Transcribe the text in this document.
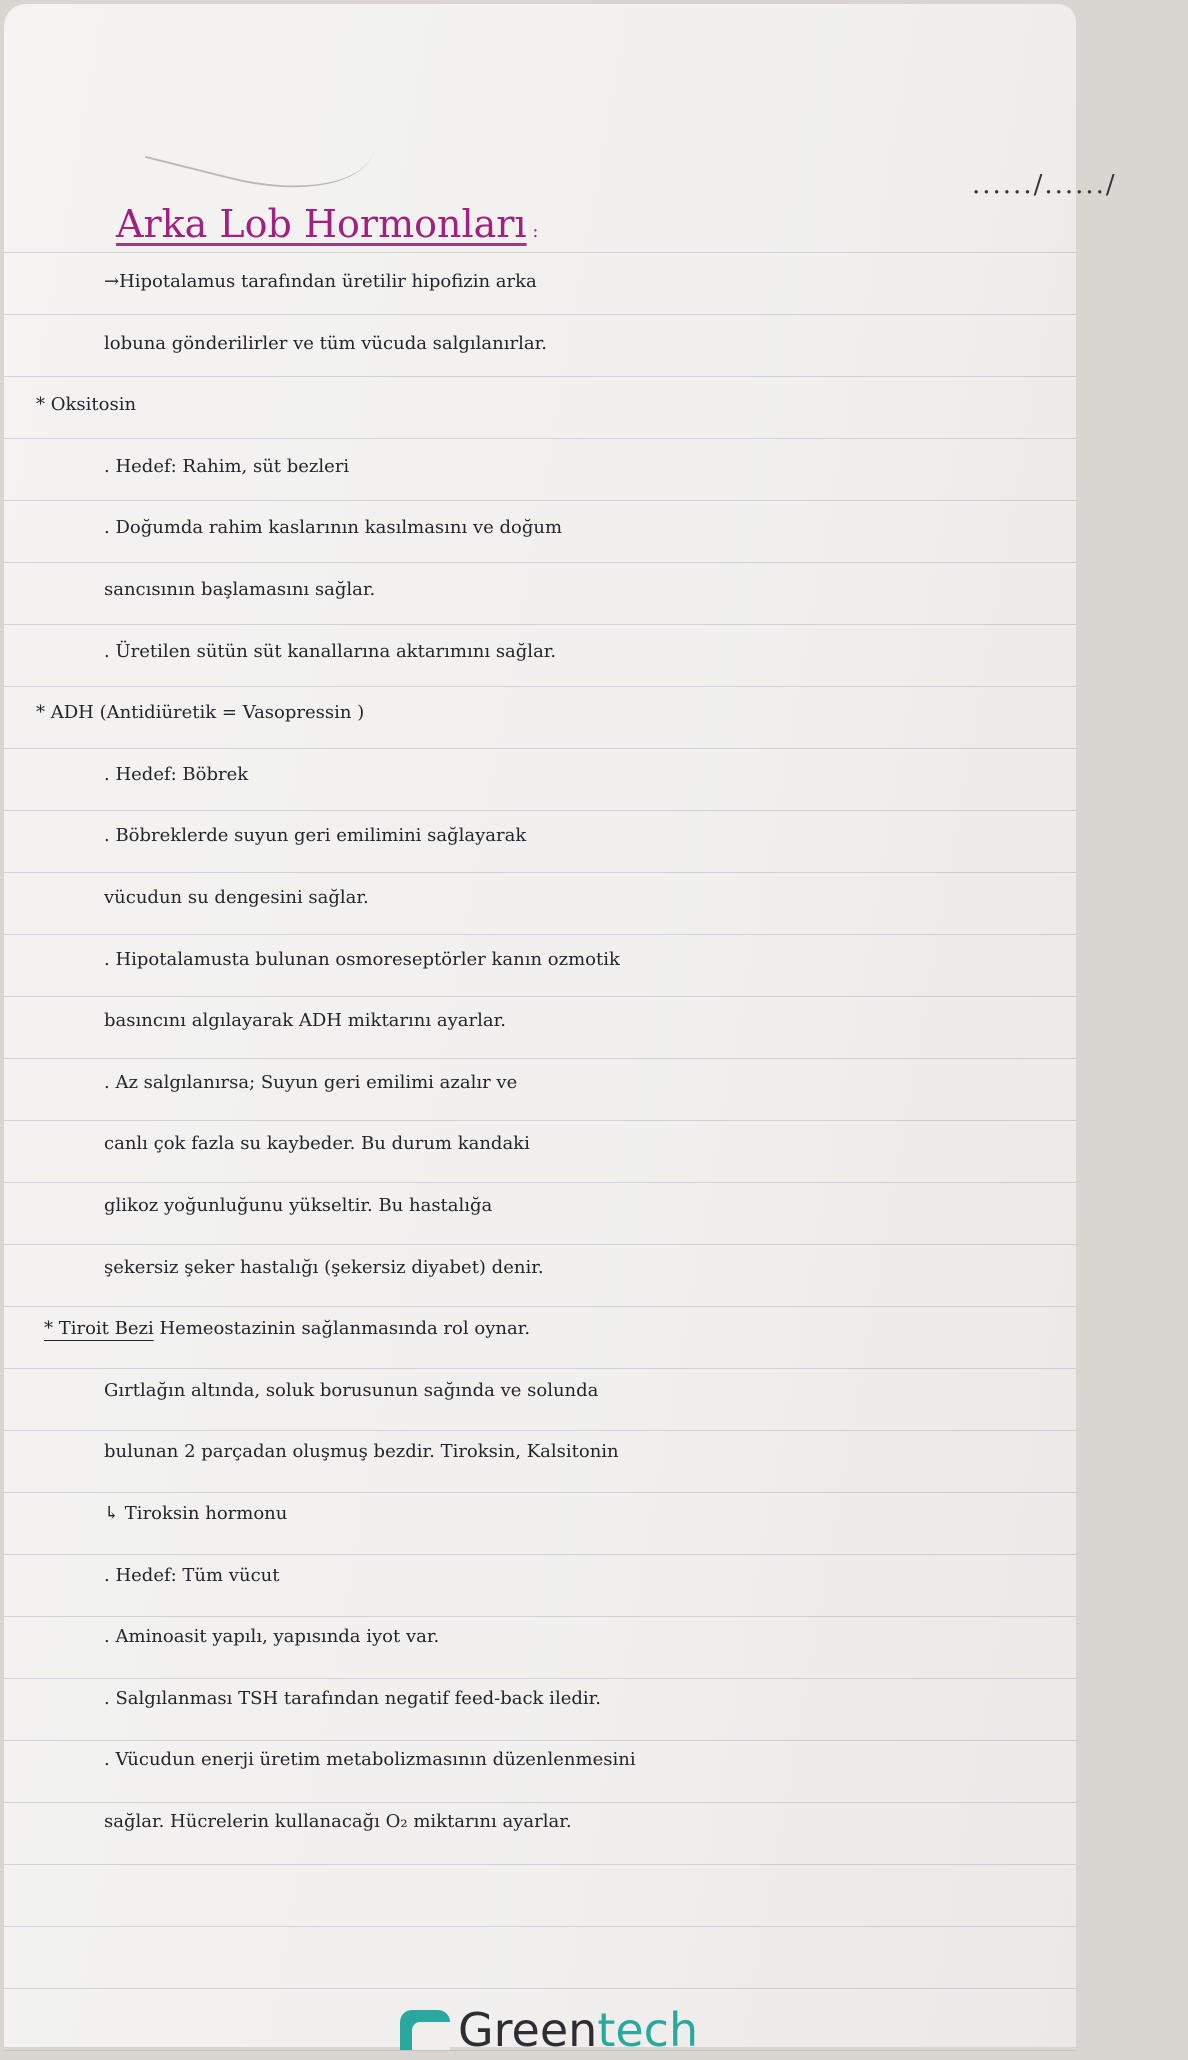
....../....../
Arka Lob Hormonları :
→Hipotalamus tarafından üretilir hipofizin arka
lobuna gönderilirler ve tüm vücuda salgılanırlar.
* Oksitosin
. Hedef: Rahim, süt bezleri
. Doğumda rahim kaslarının kasılmasını ve doğum
sancısının başlamasını sağlar.
. Üretilen sütün süt kanallarına aktarımını sağlar.
* ADH (Antidiüretik = Vasopressin )
. Hedef: Böbrek
. Böbreklerde suyun geri emilimini sağlayarak
vücudun su dengesini sağlar.
. Hipotalamusta bulunan osmoreseptörler kanın ozmotik
basıncını algılayarak ADH miktarını ayarlar.
. Az salgılanırsa; Suyun geri emilimi azalır ve
canlı çok fazla su kaybeder. Bu durum kandaki
glikoz yoğunluğunu yükseltir. Bu hastalığa
şekersiz şeker hastalığı (şekersiz diyabet) denir.
* Tiroit Bezi Hemeostazinin sağlanmasında rol oynar.
Gırtlağın altında, soluk borusunun sağında ve solunda
bulunan 2 parçadan oluşmuş bezdir. Tiroksin, Kalsitonin
↳ Tiroksin hormonu
. Hedef: Tüm vücut
. Aminoasit yapılı, yapısında iyot var.
. Salgılanması TSH tarafından negatif feed-back iledir.
. Vücudun enerji üretim metabolizmasının düzenlenmesini
sağlar. Hücrelerin kullanacağı O₂ miktarını ayarlar.
Greentech
